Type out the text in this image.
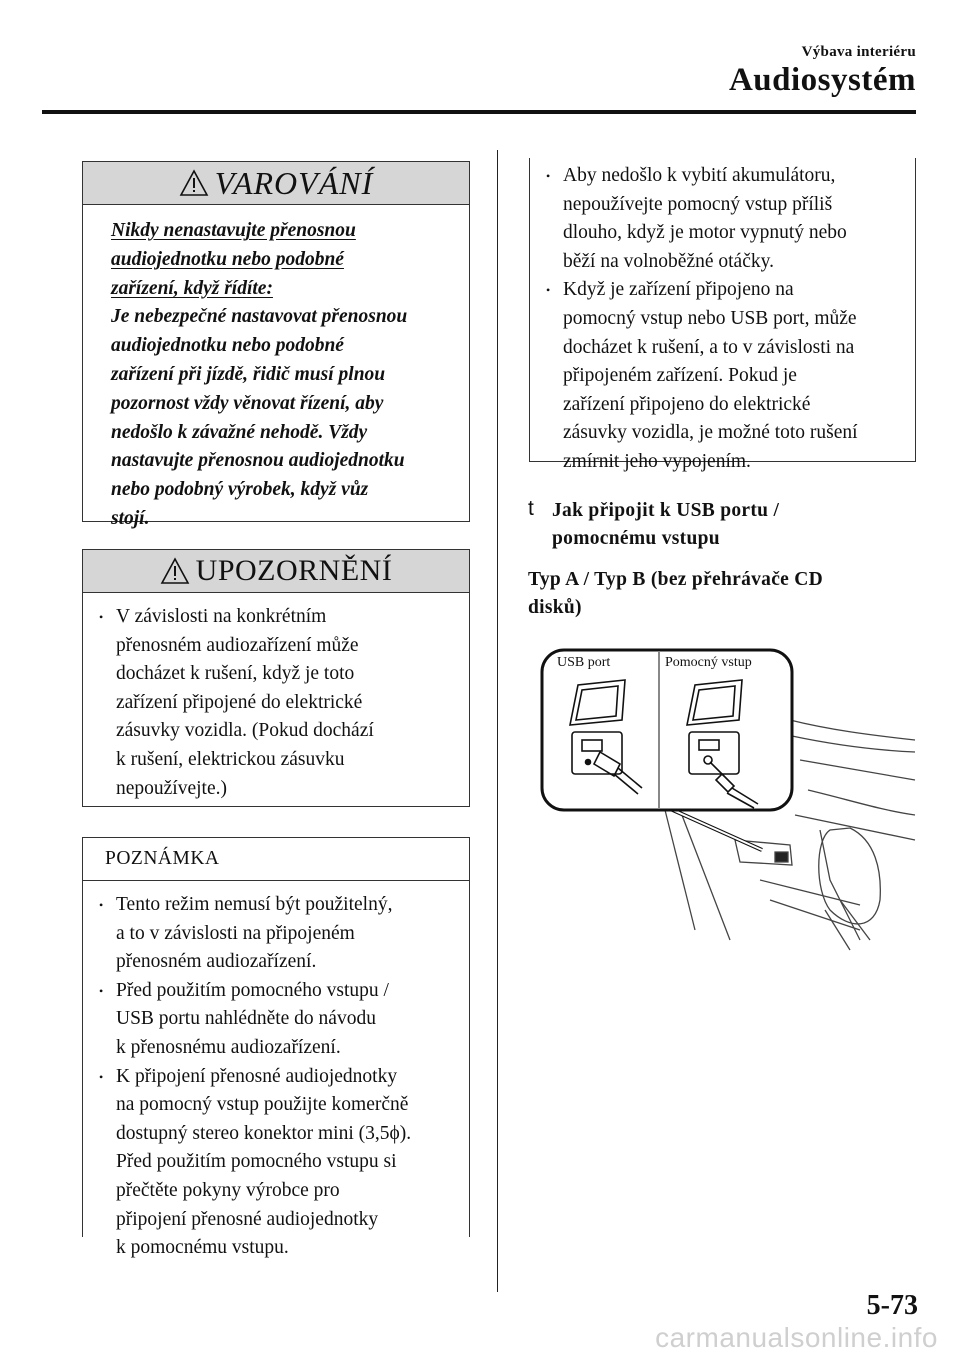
Výbava interiéru
Audiosystém
VAROVÁNÍ
Nikdy nenastavujte přenosnou
audiojednotku nebo podobné
zařízení, když řídíte:
Je nebezpečné nastavovat přenosnou
audiojednotku nebo podobné
zařízení při jízdě, řidič musí plnou
pozornost vždy věnovat řízení, aby
nedošlo k závažné nehodě. Vždy
nastavujte přenosnou audiojednotku
nebo podobný výrobek, když vůz
stojí.
UPOZORNĚNÍ
• V závislosti na konkrétním
přenosném audiozařízení může
docházet k rušení, když je toto
zařízení připojené do elektrické
zásuvky vozidla. (Pokud dochází
k rušení, elektrickou zásuvku
nepoužívejte.)
POZNÁMKA
• Tento režim nemusí být použitelný,
a to v závislosti na připojeném
přenosném audiozařízení.
• Před použitím pomocného vstupu /
USB portu nahlédněte do návodu
k přenosnému audiozařízení.
• K připojení přenosné audiojednotky
na pomocný vstup použijte komerčně
dostupný stereo konektor mini (3,5ϕ).
Před použitím pomocného vstupu si
přečtěte pokyny výrobce pro
připojení přenosné audiojednotky
k pomocnému vstupu.
• Aby nedošlo k vybití akumulátoru,
nepoužívejte pomocný vstup příliš
dlouho, když je motor vypnutý nebo
běží na volnoběžné otáčky.
• Když je zařízení připojeno na
pomocný vstup nebo USB port, může
docházet k rušení, a to v závislosti na
připojeném zařízení. Pokud je
zařízení připojeno do elektrické
zásuvky vozidla, je možné toto rušení
zmírnit jeho vypojením.
t Jak připojit k USB portu /
pomocnému vstupu
Typ A / Typ B (bez přehrávače CD
disků)
USB port	Pomocný vstup
5-73
carmanualsonline.info
